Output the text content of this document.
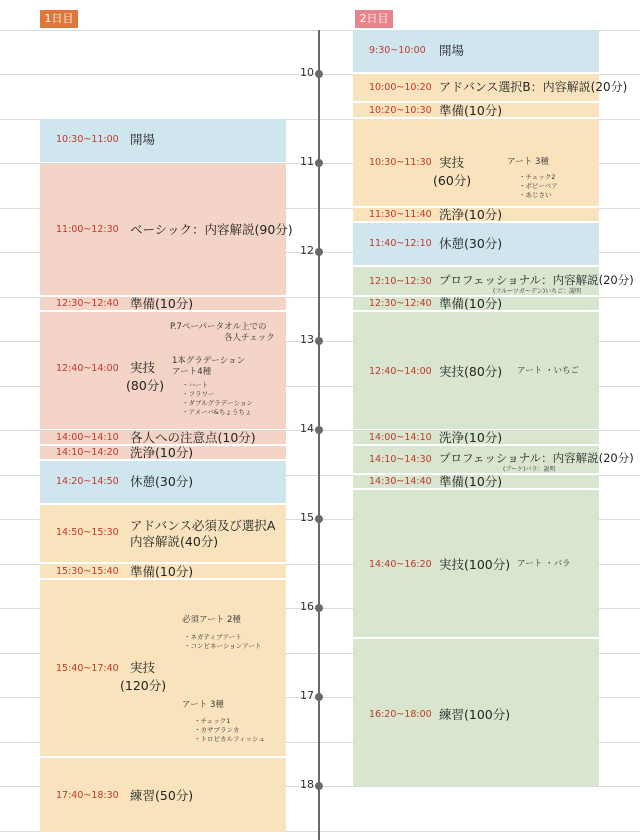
1日目	2日目
10
11
12
13
14
15
16
17
18
10:30~11:00 開場
11:00~12:30 ベーシック：内容解説(90分)
12:30~12:40 準備(10分)
P.7ペーパータオル上での
各人チェック
12:40~14:00 実技
(80分)
1本グラデーション
アート4種
・ハート
・フラワー
・ダブルグラデーション
・アメーバ&ちょうちょ
14:00~14:10 各人への注意点(10分)
14:10~14:20 洗浄(10分)
14:20~14:50 休憩(30分)
14:50~15:30 アドバンス必須及び選択A
内容解説(40分)
15:30~15:40 準備(10分)
必須アート 2種
・ネガティブアート
・コンビネーションアート
15:40~17:40 実技
(120分)
アート 3種
・チェック1
・カサブランカ
・トロピカルフィッシュ
17:40~18:30 練習(50分)
9:30~10:00 開場
10:00~10:20 アドバンス選択B：内容解説(20分)
10:20~10:30 準備(10分)
10:30~11:30 実技
(60分)
アート 3種
・チェック2
・ポピーベア
・あじさい
11:30~11:40 洗浄(10分)
11:40~12:10 休憩(30分)
12:10~12:30 プロフェッショナル：内容解説(20分)
(フルーツガーデン)いちご：説明
12:30~12:40 準備(10分)
12:40~14:00 実技(80分) アート ・いちご
14:00~14:10 洗浄(10分)
14:10~14:30 プロフェッショナル：内容解説(20分)
(ブーケ)バラ：説明
14:30~14:40 準備(10分)
14:40~16:20 実技(100分) アート ・バラ
16:20~18:00 練習(100分)
